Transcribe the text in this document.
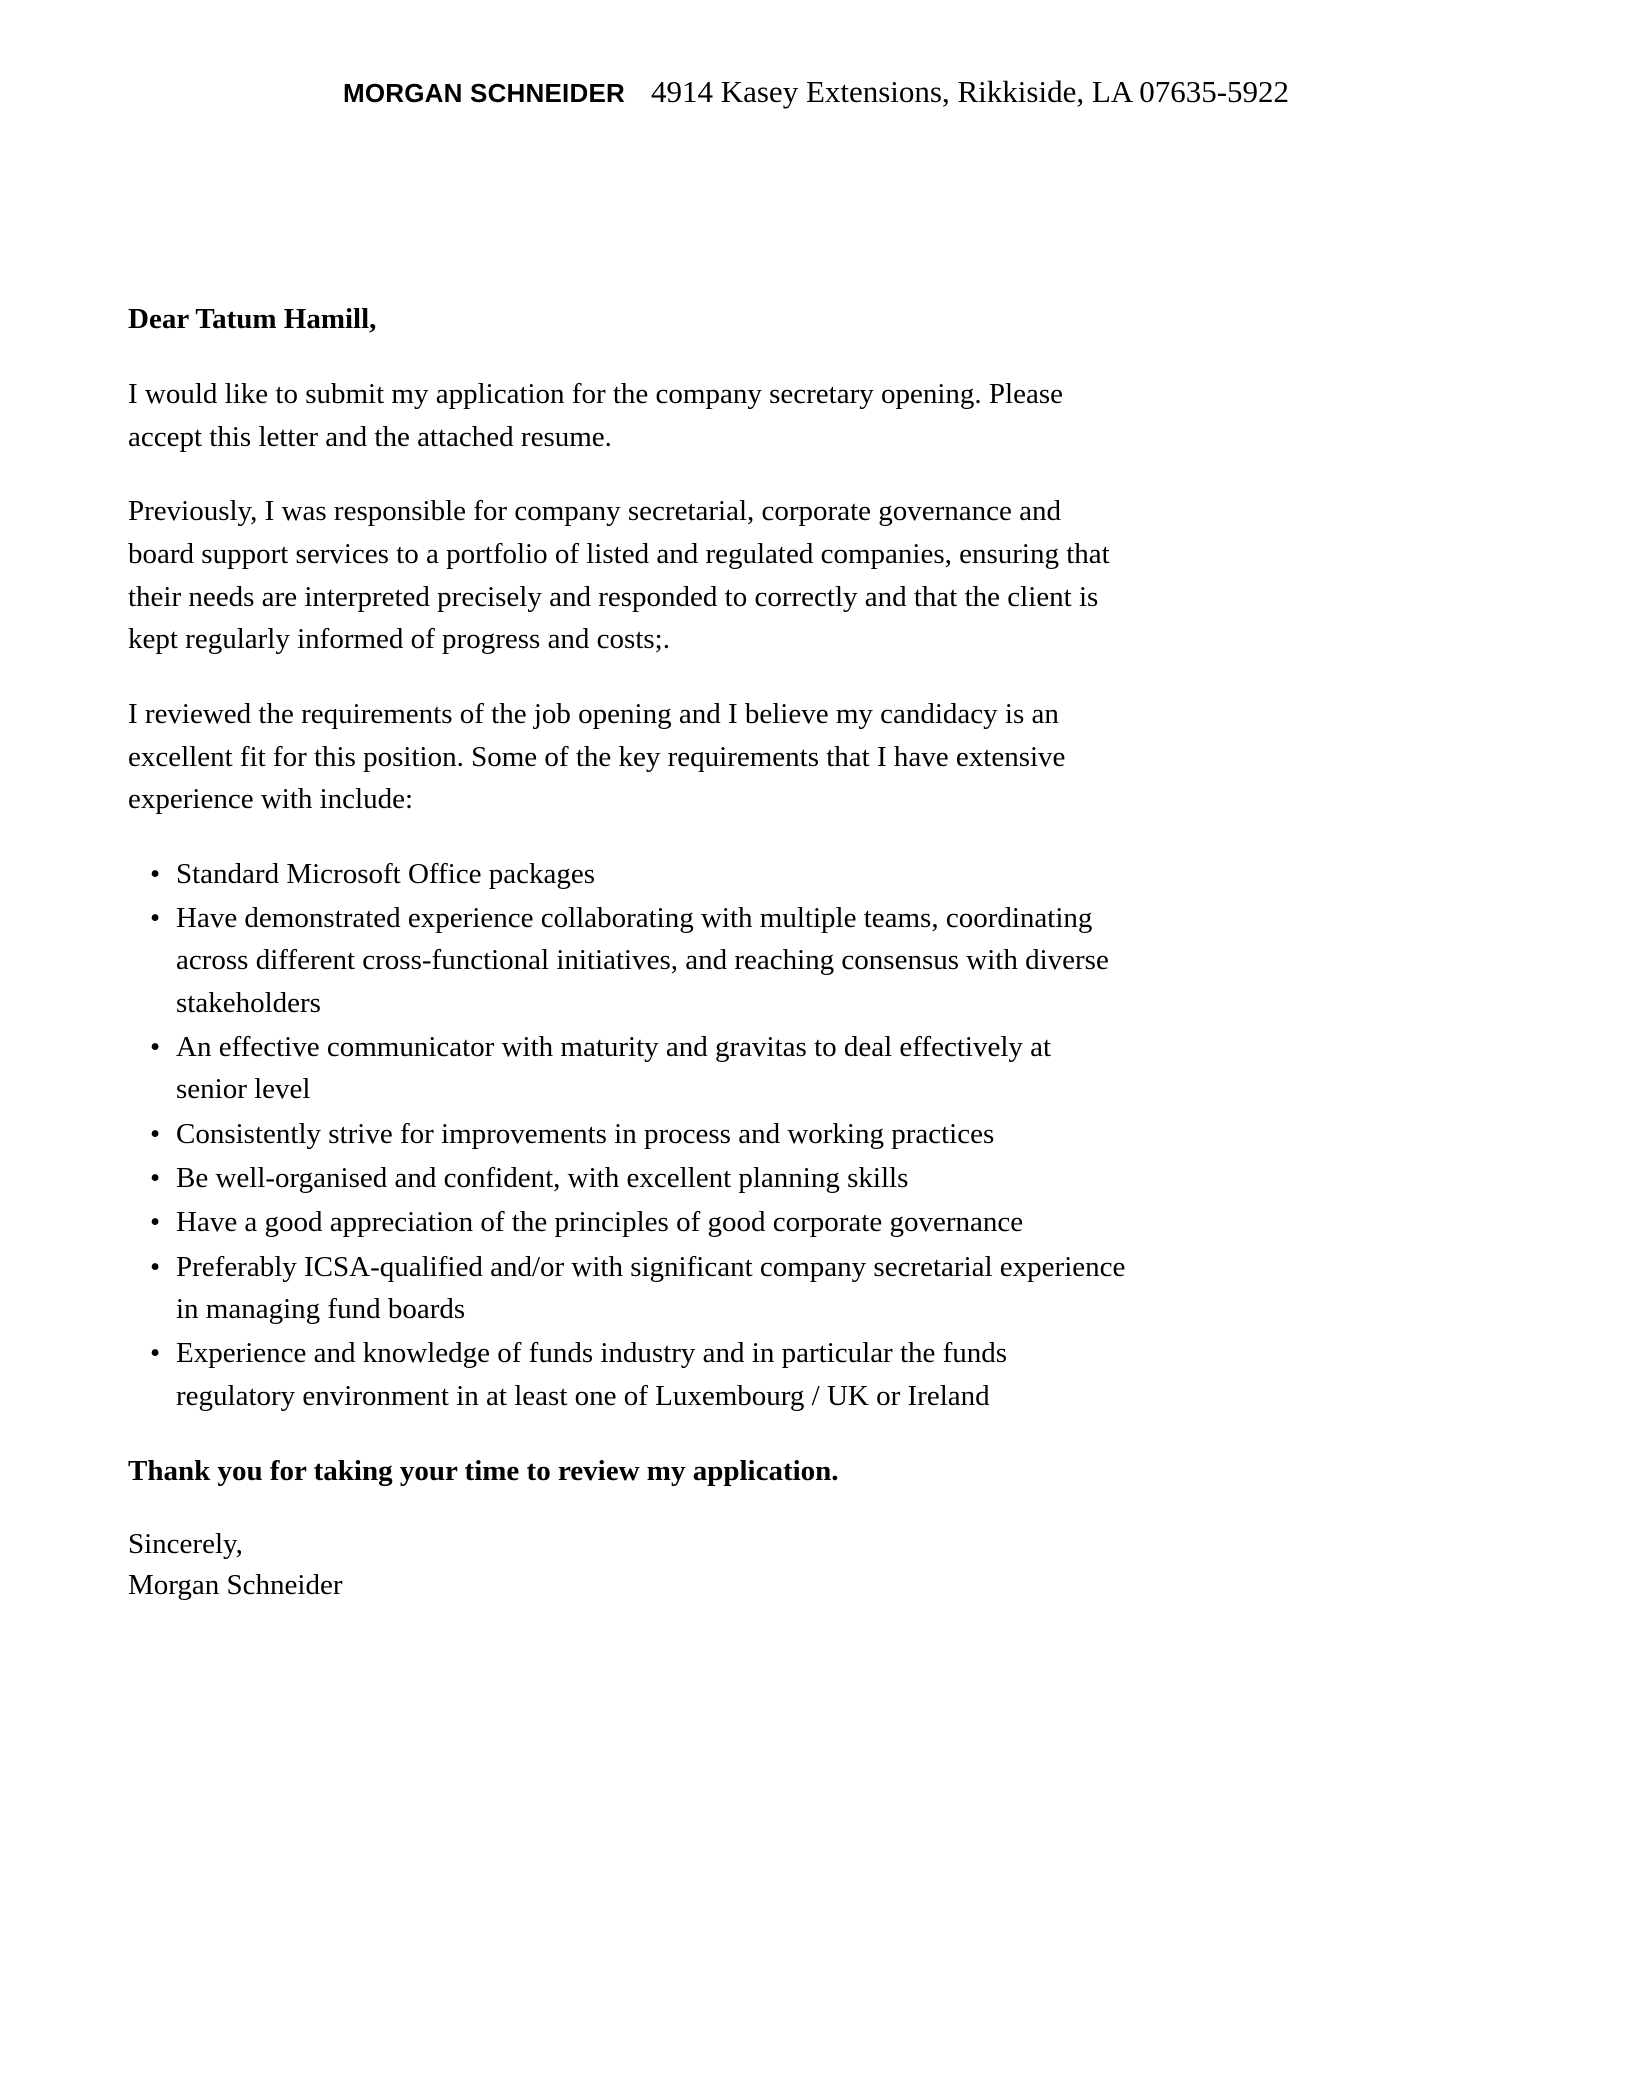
MORGAN SCHNEIDER 4914 Kasey Extensions, Rikkiside, LA 07635-5922

Dear Tatum Hamill,

I would like to submit my application for the company secretary opening. Please accept this letter and the attached resume.

Previously, I was responsible for company secretarial, corporate governance and board support services to a portfolio of listed and regulated companies, ensuring that their needs are interpreted precisely and responded to correctly and that the client is kept regularly informed of progress and costs;.

I reviewed the requirements of the job opening and I believe my candidacy is an excellent fit for this position. Some of the key requirements that I have extensive experience with include:

• Standard Microsoft Office packages
• Have demonstrated experience collaborating with multiple teams, coordinating across different cross-functional initiatives, and reaching consensus with diverse stakeholders
• An effective communicator with maturity and gravitas to deal effectively at senior level
• Consistently strive for improvements in process and working practices
• Be well-organised and confident, with excellent planning skills
• Have a good appreciation of the principles of good corporate governance
• Preferably ICSA-qualified and/or with significant company secretarial experience in managing fund boards
• Experience and knowledge of funds industry and in particular the funds regulatory environment in at least one of Luxembourg / UK or Ireland

Thank you for taking your time to review my application.

Sincerely,
Morgan Schneider
